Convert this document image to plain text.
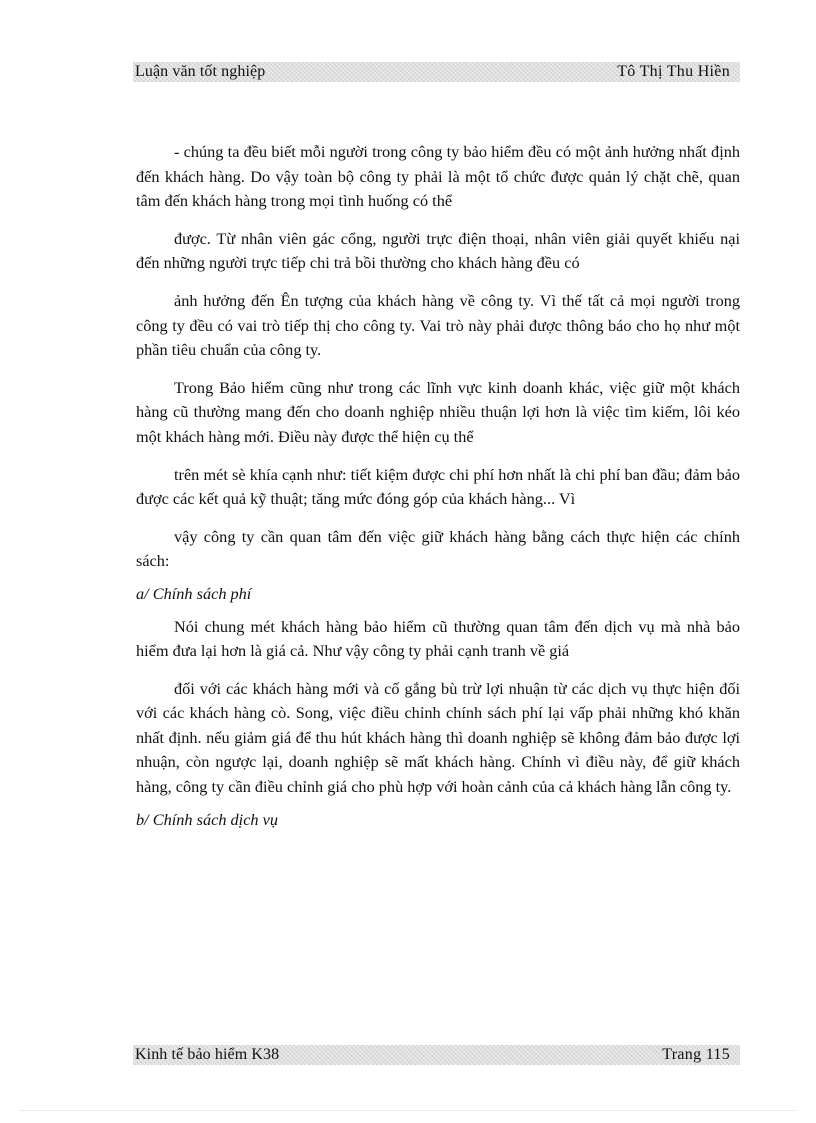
Luận văn tốt nghiệp	Tô Thị Thu Hiền

- chúng ta đều biết mỗi người trong công ty bảo hiểm đều có một ảnh hưởng nhất định đến khách hàng. Do vậy toàn bộ công ty phải là một tổ chức được quản lý chặt chẽ, quan tâm đến khách hàng trong mọi tình huống có thể

được. Từ nhân viên gác cổng, người trực điện thoại, nhân viên giải quyết khiếu nại đến những người trực tiếp chi trả bồi thường cho khách hàng đều có

ảnh hưởng đến Ên tượng của khách hàng về công ty. Vì thế tất cả mọi người trong công ty đều có vai trò tiếp thị cho công ty. Vai trò này phải được thông báo cho họ như một phần tiêu chuẩn của công ty.

Trong Bảo hiểm cũng như trong các lĩnh vực kinh doanh khác, việc giữ một khách hàng cũ thường mang đến cho doanh nghiệp nhiều thuận lợi hơn là việc tìm kiếm, lôi kéo một khách hàng mới. Điều này được thể hiện cụ thể

trên mét sè khía cạnh như: tiết kiệm được chi phí hơn nhất là chi phí ban đầu; đảm bảo được các kết quả kỹ thuật; tăng mức đóng góp của khách hàng... Vì

vậy công ty cần quan tâm đến việc giữ khách hàng bằng cách thực hiện các chính sách:

a/ Chính sách phí

Nói chung mét khách hàng bảo hiểm cũ thường quan tâm đến dịch vụ mà nhà bảo hiểm đưa lại hơn là giá cả. Như vậy công ty phải cạnh tranh về giá

đối với các khách hàng mới và cố gắng bù trừ lợi nhuận từ các dịch vụ thực hiện đối với các khách hàng cò. Song, việc điều chỉnh chính sách phí lại vấp phải những khó khăn nhất định. nếu giảm giá để thu hút khách hàng thì doanh nghiệp sẽ không đảm bảo được lợi nhuận, còn ngược lại, doanh nghiệp sẽ mất khách hàng. Chính vì điều này, để giữ khách hàng, công ty cần điều chỉnh giá cho phù hợp với hoàn cảnh của cả khách hàng lẫn công ty.

b/ Chính sách dịch vụ

Kinh tế bảo hiểm K38	Trang 115
